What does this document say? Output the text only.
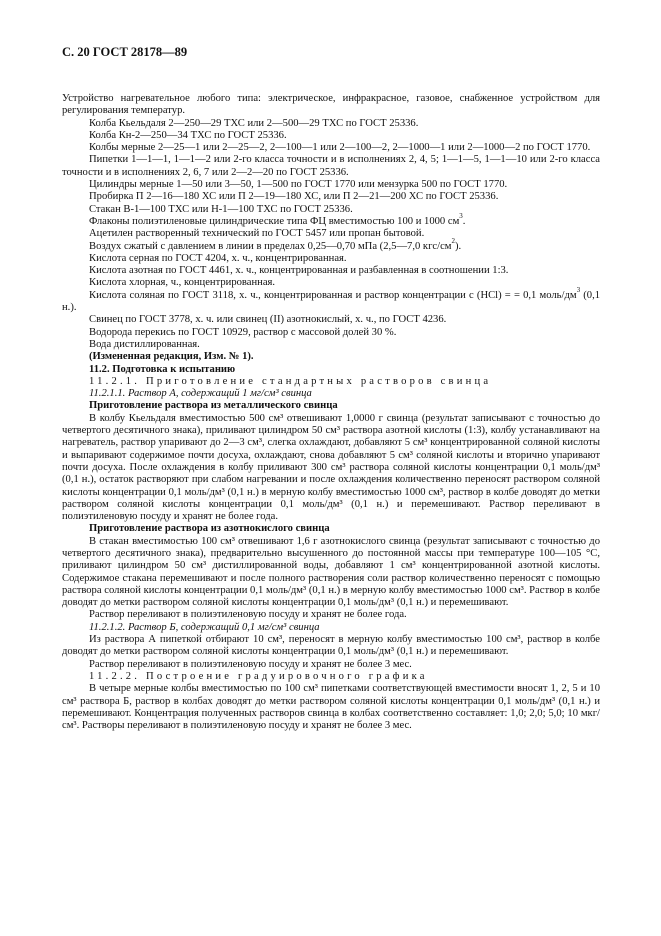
С. 20 ГОСТ 28178—89

Устройство нагревательное любого типа: электрическое, инфракрасное, газовое, снабженное устройством для регулирования температур.

Колба Кьельдаля 2—250—29 ТХС или 2—500—29 ТХС по ГОСТ 25336.

Колба Кн-2—250—34 ТХС по ГОСТ 25336.

Колбы мерные 2—25—1 или 2—25—2, 2—100—1 или 2—100—2, 2—1000—1 или 2—1000—2 по ГОСТ 1770.

Пипетки 1—1—1, 1—1—2 или 2-го класса точности и в исполнениях 2, 4, 5; 1—1—5, 1—1—10 или 2-го класса точности и в исполнениях 2, 6, 7 или 2—2—20 по ГОСТ 25336.

Цилиндры мерные 1—50 или 3—50, 1—500 по ГОСТ 1770 или мензурка 500 по ГОСТ 1770.

Пробирка П 2—16—180 ХС или П 2—19—180 ХС, или П 2—21—200 ХС по ГОСТ 25336.

Стакан В-1—100 ТХС или Н-1—100 ТХС по ГОСТ 25336.

Флаконы полиэтиленовые цилиндрические типа ФЦ вместимостью 100 и 1000 $см^3$.

Ацетилен растворенный технический по ГОСТ 5457 или пропан бытовой.

Воздух сжатый с давлением в линии в пределах 0,25—0,70 мПа (2,5—7,0 кгс/$см^2$).

Кислота серная по ГОСТ 4204, х. ч., концентрированная.

Кислота азотная по ГОСТ 4461, х. ч., концентрированная и разбавленная в соотношении 1:3.

Кислота хлорная, ч., концентрированная.

Кислота соляная по ГОСТ 3118, х. ч., концентрированная и раствор концентрации с (НCl) = = 0,1 моль/$дм^3$ (0,1 н.).

Свинец по ГОСТ 3778, х. ч. или свинец (II) азотнокислый, х. ч., по ГОСТ 4236.

Водорода перекись по ГОСТ 10929, раствор с массовой долей 30 %.

Вода дистиллированная.

(Измененная редакция, Изм. № 1).

11.2. Подготовка к испытанию

11.2.1. Приготовление стандартных растворов свинца

11.2.1.1. Раствор А, содержащий 1 мг/см³ свинца

Приготовление раствора из металлического свинца

В колбу Кьельдаля вместимостью 500 см³ отвешивают 1,0000 г свинца (результат записывают с точностью до четвертого десятичного знака), приливают цилиндром 50 см³ раствора азотной кислоты (1:3), колбу устанавливают на нагреватель, раствор упаривают до 2—3 см³, слегка охлаждают, добавляют 5 см³ концентрированной соляной кислоты и выпаривают содержимое почти досуха, охлаждают, снова добавляют 5 см³ соляной кислоты и вторично упаривают почти досуха. После охлаждения в колбу приливают 300 см³ раствора соляной кислоты концентрации 0,1 моль/дм³ (0,1 н.), остаток растворяют при слабом нагревании и после охлаждения количественно переносят раствором соляной кислоты концентрации 0,1 моль/дм³ (0,1 н.) в мерную колбу вместимостью 1000 см³, раствор в колбе доводят до метки раствором соляной кислоты концентрации 0,1 моль/дм³ (0,1 н.) и перемешивают. Раствор переливают в полиэтиленовую посуду и хранят не более года.

Приготовление раствора из азотнокислого свинца

В стакан вместимостью 100 см³ отвешивают 1,6 г азотнокислого свинца (результат записывают с точностью до четвертого десятичного знака), предварительно высушенного до постоянной массы при температуре 100—105 °С, приливают цилиндром 50 см³ дистиллированной воды, добавляют 1 см³ концентрированной азотной кислоты. Содержимое стакана перемешивают и после полного растворения соли раствор количественно переносят с помощью раствора соляной кислоты концентрации 0,1 моль/дм³ (0,1 н.) в мерную колбу вместимостью 1000 см³. Раствор в колбе доводят до метки раствором соляной кислоты концентрации 0,1 моль/дм³ (0,1 н.) и перемешивают.

Раствор переливают в полиэтиленовую посуду и хранят не более года.

11.2.1.2. Раствор Б, содержащий 0,1 мг/см³ свинца

Из раствора А пипеткой отбирают 10 см³, переносят в мерную колбу вместимостью 100 см³, раствор в колбе доводят до метки раствором соляной кислоты концентрации 0,1 моль/дм³ (0,1 н.) и перемешивают.

Раствор переливают в полиэтиленовую посуду и хранят не более 3 мес.

11.2.2. Построение градуировочного графика

В четыре мерные колбы вместимостью по 100 см³ пипетками соответствующей вместимости вносят 1, 2, 5 и 10 см³ раствора Б, раствор в колбах доводят до метки раствором соляной кислоты концентрации 0,1 моль/дм³ (0,1 н.) и перемешивают. Концентрация полученных растворов свинца в колбах соответственно составляет: 1,0; 2,0; 5,0; 10 мкг/см³. Растворы переливают в полиэтиленовую посуду и хранят не более 3 мес.
